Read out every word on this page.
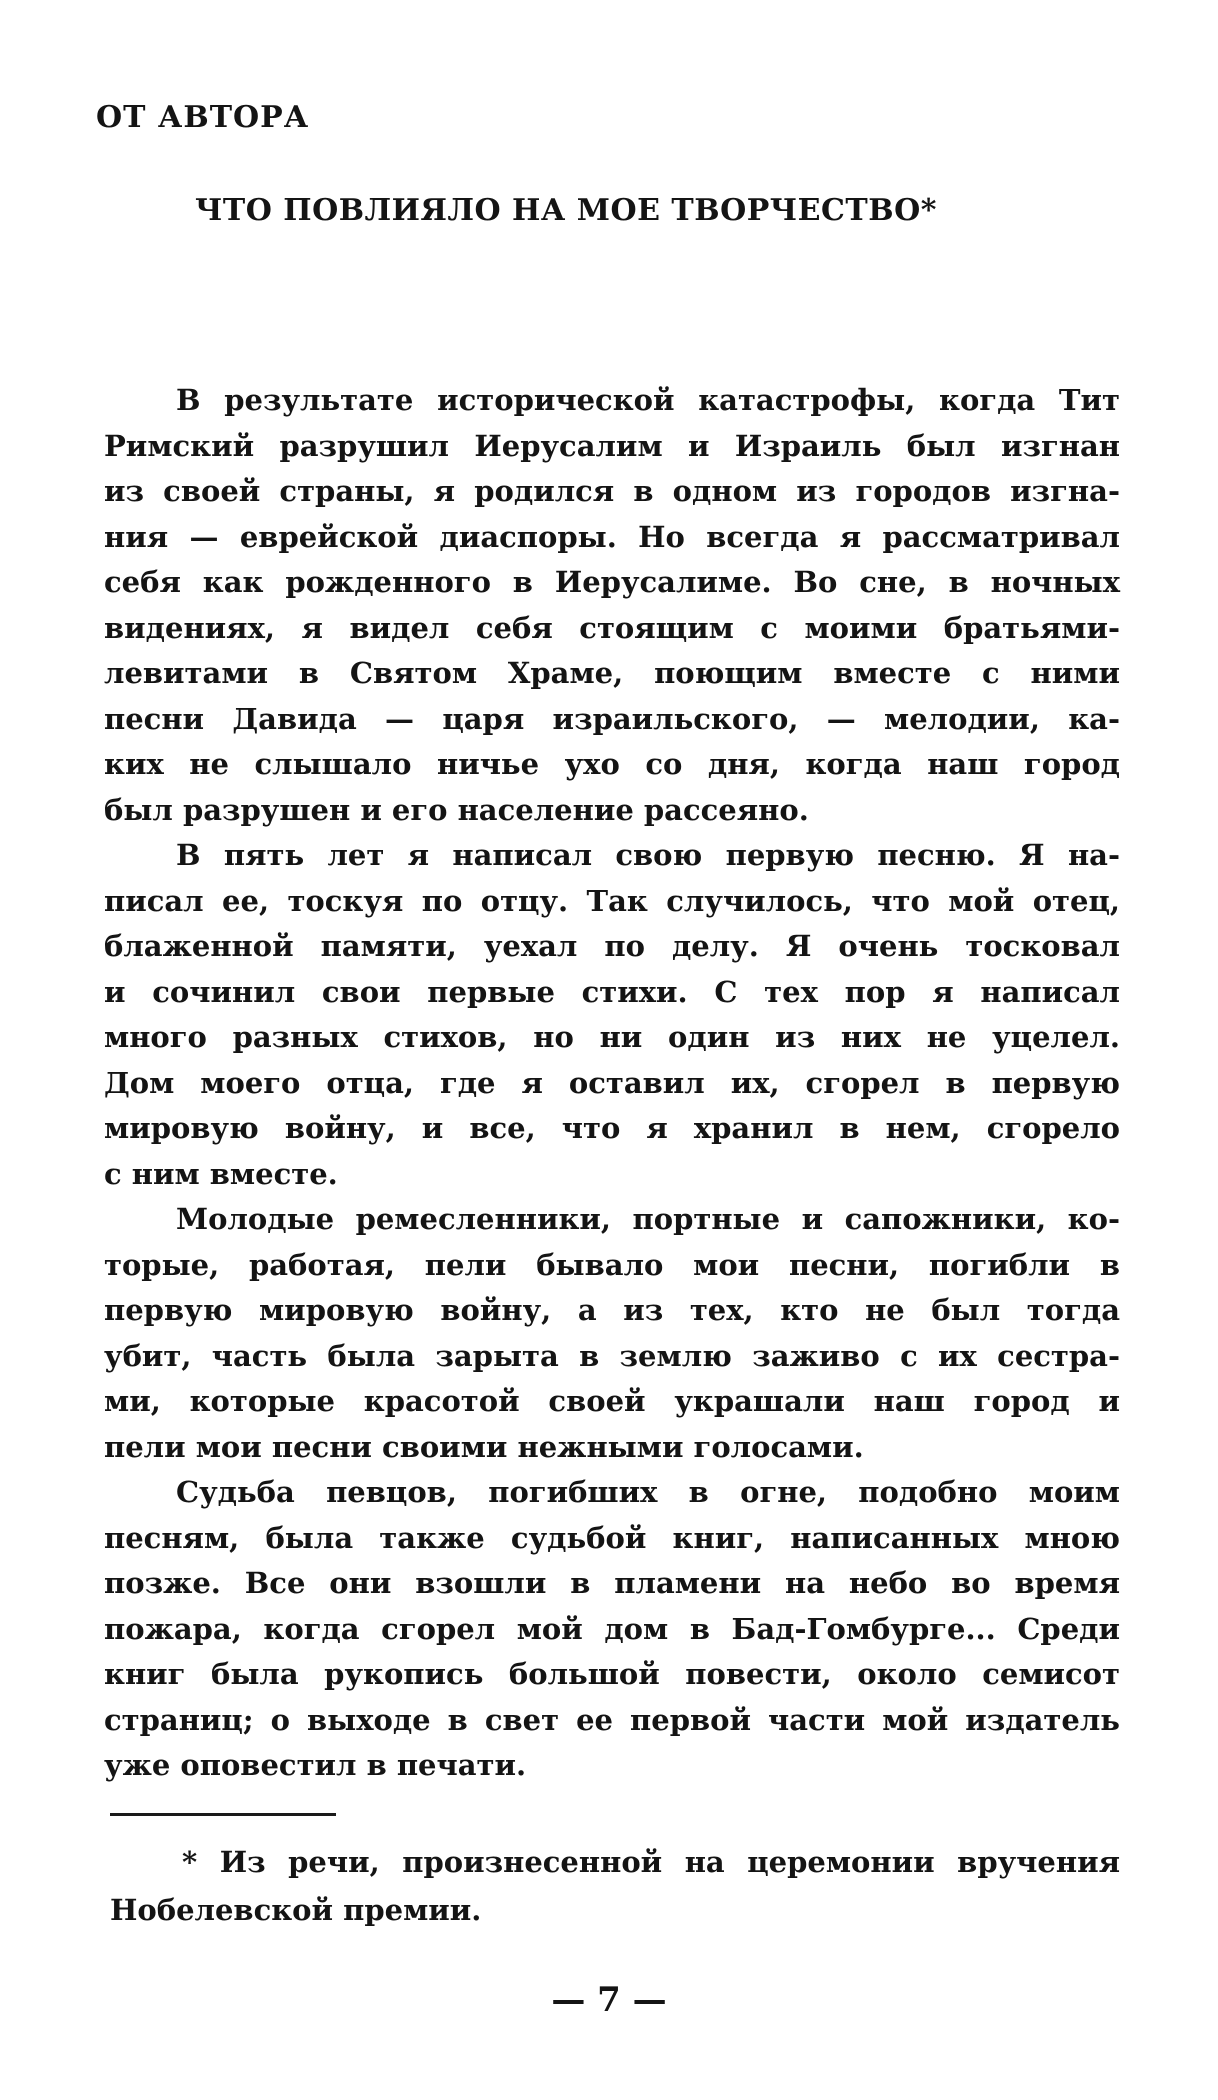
ОТ АВТОРА
ЧТО ПОВЛИЯЛО НА МОЕ ТВОРЧЕСТВО*
В результате исторической катастрофы, когда Тит
Римский разрушил Иерусалим и Израиль был изгнан
из своей страны, я родился в одном из городов изгна-
ния — еврейской диаспоры. Но всегда я рассматривал
себя как рожденного в Иерусалиме. Во сне, в ночных
видениях, я видел себя стоящим с моими братьями-
левитами в Святом Храме, поющим вместе с ними
песни Давида — царя израильского, — мелодии, ка-
ких не слышало ничье ухо со дня, когда наш город
был разрушен и его население рассеяно.
В пять лет я написал свою первую песню. Я на-
писал ее, тоскуя по отцу. Так случилось, что мой отец,
блаженной памяти, уехал по делу. Я очень тосковал
и сочинил свои первые стихи. С тех пор я написал
много разных стихов, но ни один из них не уцелел.
Дом моего отца, где я оставил их, сгорел в первую
мировую войну, и все, что я хранил в нем, сгорело
с ним вместе.
Молодые ремесленники, портные и сапожники, ко-
торые, работая, пели бывало мои песни, погибли в
первую мировую войну, а из тех, кто не был тогда
убит, часть была зарыта в землю заживо с их сестра-
ми, которые красотой своей украшали наш город и
пели мои песни своими нежными голосами.
Судьба певцов, погибших в огне, подобно моим
песням, была также судьбой книг, написанных мною
позже. Все они взошли в пламени на небо во время
пожара, когда сгорел мой дом в Бад-Гомбурге... Среди
книг была рукопись большой повести, около семисот
страниц; о выходе в свет ее первой части мой издатель
уже оповестил в печати.
* Из речи, произнесенной на церемонии вручения
Нобелевской премии.
— 7 —
